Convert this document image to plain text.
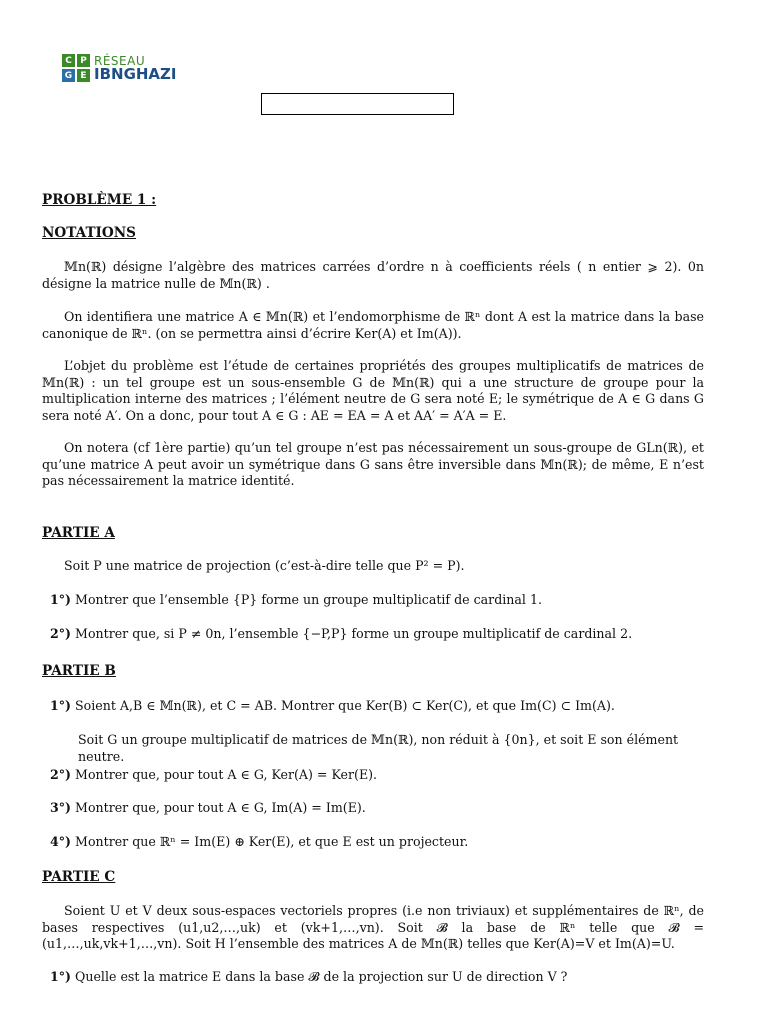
C P
G E
RÉSEAU
IBNGHAZI
PROBLÈME 1 :
NOTATIONS

𝕄n(ℝ) désigne l’algèbre des matrices carrées d’ordre n à coefficients réels ( n entier ⩾ 2). 0n désigne la matrice nulle de 𝕄n(ℝ) .

On identifiera une matrice A ∈ 𝕄n(ℝ) et l’endomorphisme de ℝⁿ dont A est la matrice dans la base canonique de ℝⁿ. (on se permettra ainsi d’écrire Ker(A) et Im(A)).

L’objet du problème est l’étude de certaines propriétés des groupes multiplicatifs de matrices de 𝕄n(ℝ) : un tel groupe est un sous-ensemble G de 𝕄n(ℝ) qui a une structure de groupe pour la multiplication interne des matrices ; l’élément neutre de G sera noté E; le symétrique de A ∈ G dans G sera noté A′. On a donc, pour tout A ∈ G : AE = EA = A et AA′ = A′A = E.

On notera (cf 1ère partie) qu’un tel groupe n’est pas nécessairement un sous-groupe de GLn(ℝ), et qu’une matrice A peut avoir un symétrique dans G sans être inversible dans 𝕄n(ℝ); de même, E n’est pas nécessairement la matrice identité.

PARTIE A

Soit P une matrice de projection (c’est-à-dire telle que P² = P).

1°) Montrer que l’ensemble {P} forme un groupe multiplicatif de cardinal 1.

2°) Montrer que, si P ≠ 0n, l’ensemble {−P,P} forme un groupe multiplicatif de cardinal 2.

PARTIE B

1°) Soient A,B ∈ 𝕄n(ℝ), et C = AB. Montrer que Ker(B) ⊂ Ker(C), et que Im(C) ⊂ Im(A).

Soit G un groupe multiplicatif de matrices de 𝕄n(ℝ), non réduit à {0n}, et soit E son élément neutre.

2°) Montrer que, pour tout A ∈ G, Ker(A) = Ker(E).

3°) Montrer que, pour tout A ∈ G, Im(A) = Im(E).

4°) Montrer que ℝⁿ = Im(E) ⊕ Ker(E), et que E est un projecteur.

PARTIE C

Soient U et V deux sous-espaces vectoriels propres (i.e non triviaux) et supplémentaires de ℝⁿ, de bases respectives (u1,u2,…,uk) et (vk+1,…,vn). Soit 𝓑 la base de ℝⁿ telle que 𝓑 = (u1,…,uk,vk+1,…,vn). Soit H l’ensemble des matrices A de 𝕄n(ℝ) telles que Ker(A)=V et Im(A)=U.

1°) Quelle est la matrice E dans la base 𝓑 de la projection sur U de direction V ?
